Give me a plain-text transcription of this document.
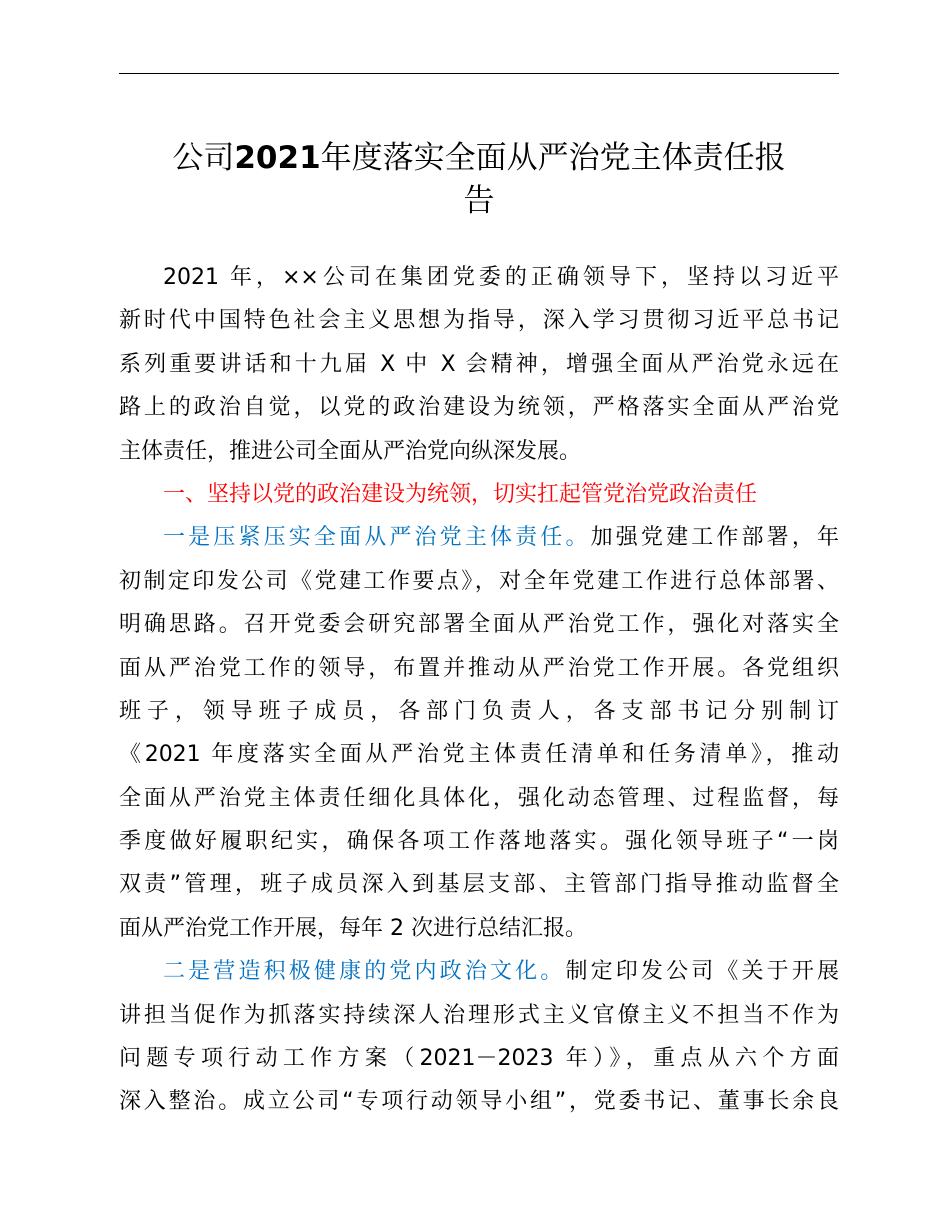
公司2021年度落实全面从严治党主体责任报
告
2021 年，××公司在集团党委的正确领导下，坚持以习近平
新时代中国特色社会主义思想为指导，深入学习贯彻习近平总书记
系列重要讲话和十九届 X 中 X 会精神，增强全面从严治党永远在
路上的政治自觉，以党的政治建设为统领，严格落实全面从严治党
主体责任，推进公司全面从严治党向纵深发展。
一、坚持以党的政治建设为统领，切实扛起管党治党政治责任
一是压紧压实全面从严治党主体责任。加强党建工作部署，年
初制定印发公司《党建工作要点》，对全年党建工作进行总体部署、
明确思路。召开党委会研究部署全面从严治党工作，强化对落实全
面从严治党工作的领导，布置并推动从严治党工作开展。各党组织
班子，领导班子成员，各部门负责人，各支部书记分别制订
《2021 年度落实全面从严治党主体责任清单和任务清单》，推动
全面从严治党主体责任细化具体化，强化动态管理、过程监督，每
季度做好履职纪实，确保各项工作落地落实。强化领导班子“一岗
双责”管理，班子成员深入到基层支部、主管部门指导推动监督全
面从严治党工作开展，每年 2 次进行总结汇报。
二是营造积极健康的党内政治文化。制定印发公司《关于开展
讲担当促作为抓落实持续深人治理形式主义官僚主义不担当不作为
问题专项行动工作方案（2021－2023 年）》，重点从六个方面
深入整治。成立公司“专项行动领导小组”，党委书记、董事长余良
